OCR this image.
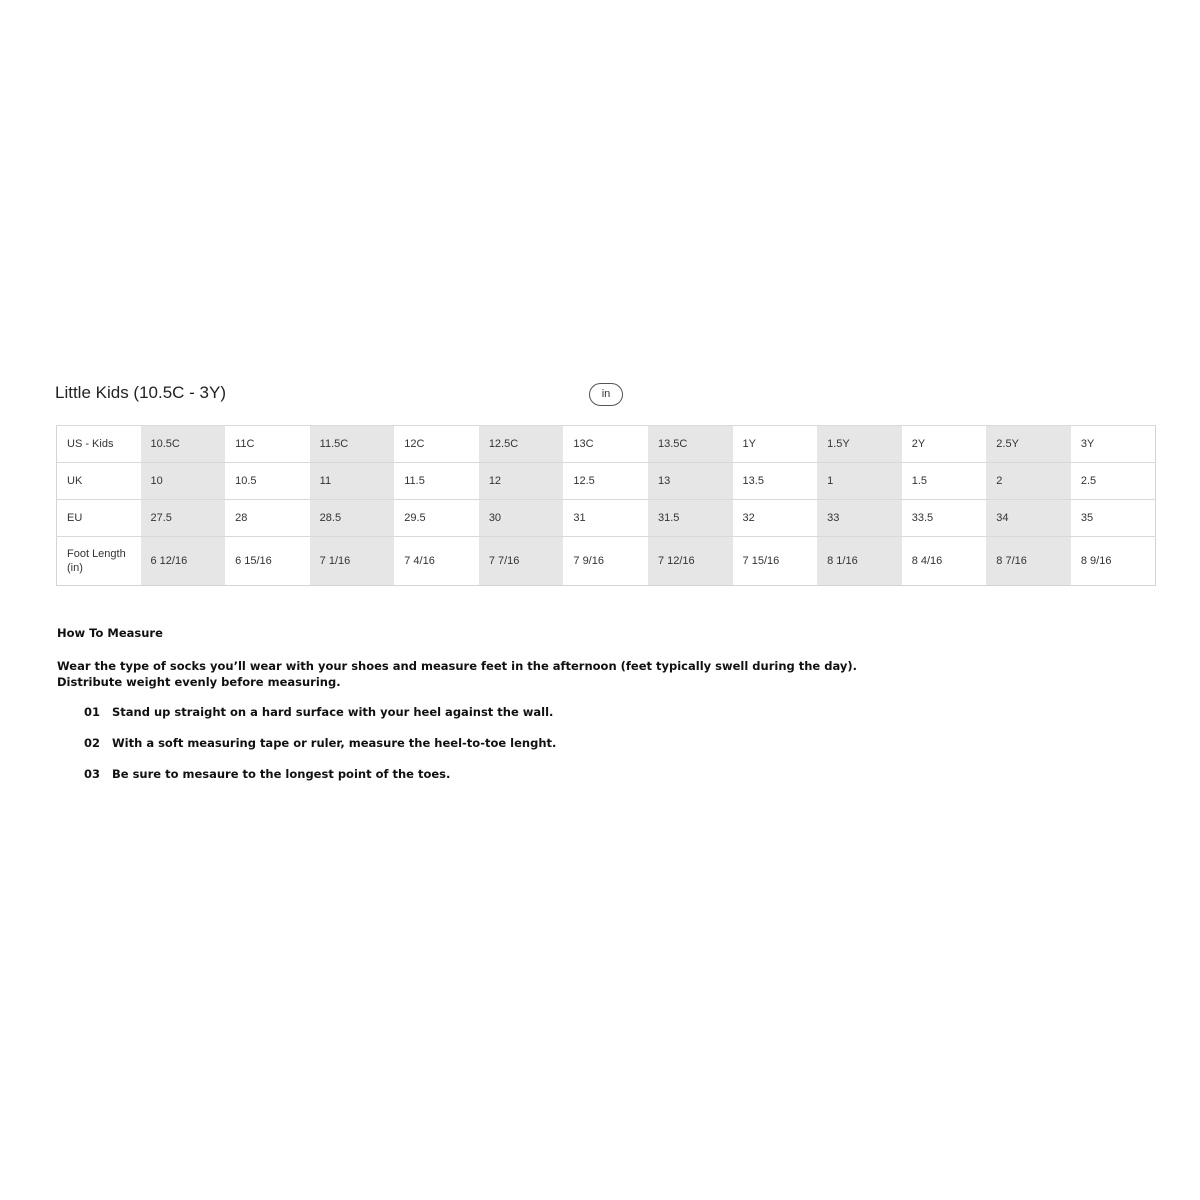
Little Kids (10.5C - 3Y)	in
US - Kids	10.5C	11C	11.5C	12C	12.5C	13C	13.5C	1Y	1.5Y	2Y	2.5Y	3Y
UK	10	10.5	11	11.5	12	12.5	13	13.5	1	1.5	2	2.5
EU	27.5	28	28.5	29.5	30	31	31.5	32	33	33.5	34	35
Foot Length (in)	6 12/16	6 15/16	7 1/16	7 4/16	7 7/16	7 9/16	7 12/16	7 15/16	8 1/16	8 4/16	8 7/16	8 9/16

How To Measure

Wear the type of socks you’ll wear with your shoes and measure feet in the afternoon (feet typically swell during the day).
Distribute weight evenly before measuring.
01 Stand up straight on a hard surface with your heel against the wall.
02 With a soft measuring tape or ruler, measure the heel-to-toe lenght.
03 Be sure to mesaure to the longest point of the toes.
